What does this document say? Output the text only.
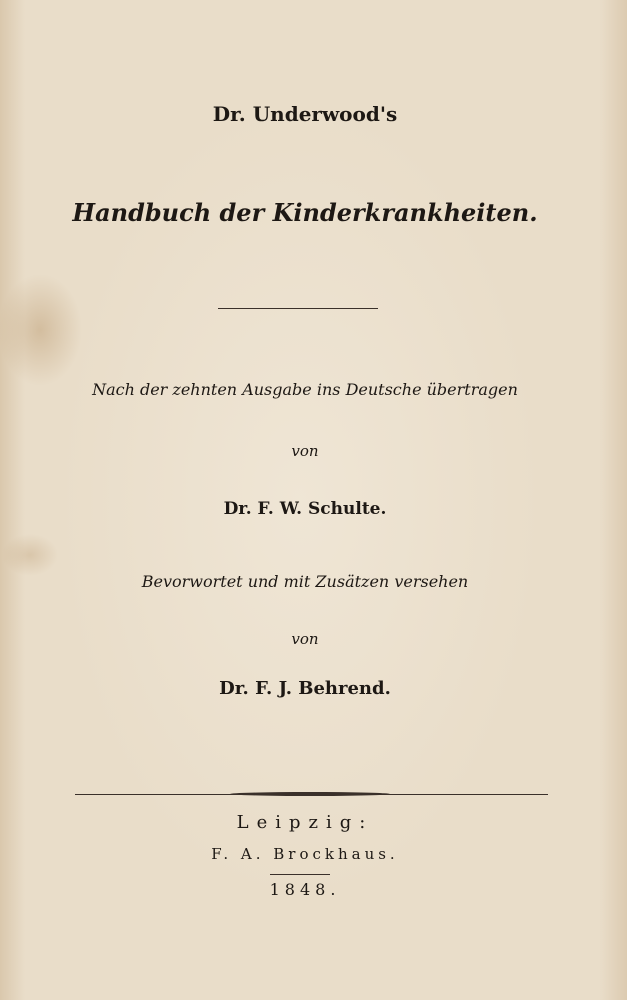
Dr. Underwood's
Handbuch der Kinderkrankheiten.
Nach der zehnten Ausgabe ins Deutsche übertragen
von
Dr. F. W. Schulte.
Bevorwortet und mit Zusätzen versehen
von
Dr. F. J. Behrend.
Leipzig:
F. A. Brockhaus.
1848.
